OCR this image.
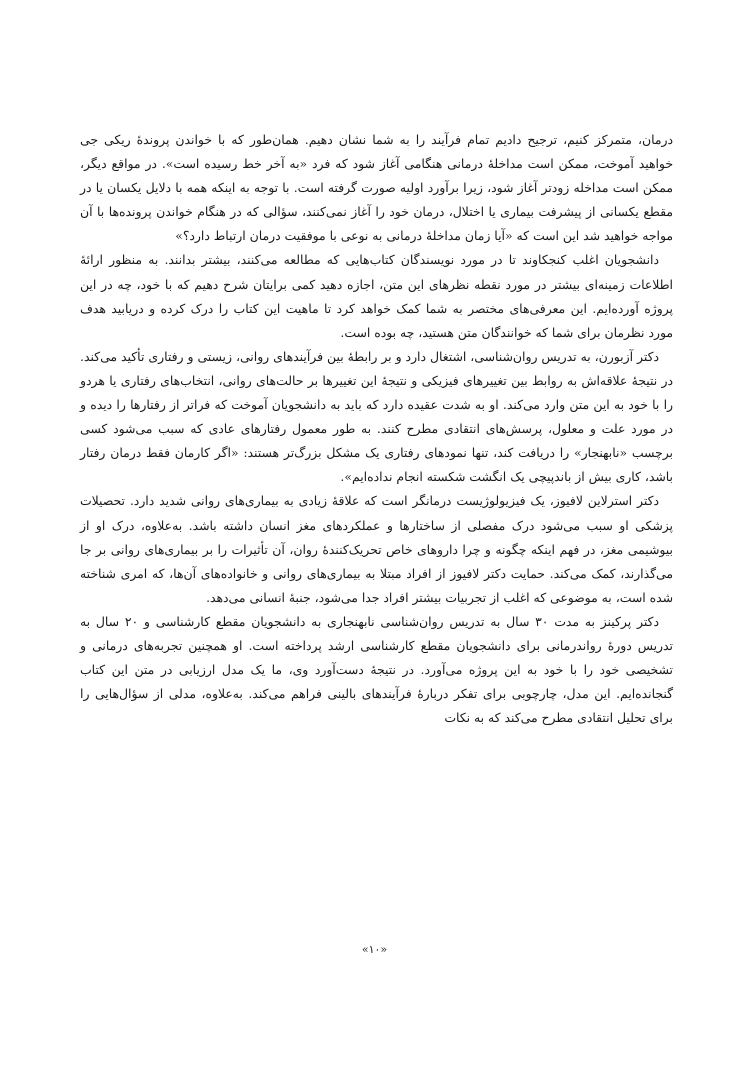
درمان، متمرکز کنیم، ترجیح دادیم تمام فرآیند را به شما نشان دهیم. همان‌طور که با خواندن پروندهٔ ریکی جی خواهید آموخت، ممکن است مداخلهٔ درمانی هنگامی آغاز شود که فرد «به آخر خط رسیده است». در مواقع دیگر، ممکن است مداخله زودتر آغاز شود، زیرا برآورد اولیه صورت گرفته است. با توجه به اینکه همه با دلایل یکسان یا در مقطع یکسانی از پیشرفت بیماری یا اختلال، درمان خود را آغاز نمی‌کنند، سؤالی که در هنگام خواندن پرونده‌ها با آن مواجه خواهید شد این است که «آیا زمان مداخلهٔ درمانی به نوعی با موفقیت درمان ارتباط دارد؟»

دانشجویان اغلب کنجکاوند تا در مورد نویسندگان کتاب‌هایی که مطالعه می‌کنند، بیشتر بدانند. به منظور ارائهٔ اطلاعات زمینه‌ای بیشتر در مورد نقطه نظرهای این متن، اجازه دهید کمی برایتان شرح دهیم که با خود، چه در این پروژه آورده‌ایم. این معرفی‌های مختصر به شما کمک خواهد کرد تا ماهیت این کتاب را درک کرده و دریابید هدف مورد نظرمان برای شما که خوانندگان متن هستید، چه بوده است.

دکتر آزبورن، به تدریس روان‌شناسی، اشتغال دارد و بر رابطهٔ بین فرآیندهای روانی، زیستی و رفتاری تأکید می‌کند. در نتیجهٔ علاقه‌اش به روابط بین تغییرهای فیزیکی و نتیجهٔ این تغییرها بر حالت‌های روانی، انتخاب‌های رفتاری یا هردو را با خود به این متن وارد می‌کند. او به شدت عقیده دارد که باید به دانشجویان آموخت که فراتر از رفتارها را دیده و در مورد علت و معلول، پرسش‌های انتقادی مطرح کنند. به طور معمول رفتارهای عادی که سبب می‌شود کسی برچسب «نابهنجار» را دریافت کند، تنها نمودهای رفتاری یک مشکل بزرگ‌تر هستند: «اگر کارمان فقط درمان رفتار باشد، کاری بیش از باندپیچی یک انگشت شکسته انجام نداده‌ایم».

دکتر استرلاین لافیوز، یک فیزیولوژیست درمانگر است که علاقهٔ زیادی به بیماری‌های روانی شدید دارد. تحصیلات پزشکی او سبب می‌شود درک مفصلی از ساختارها و عملکردهای مغز انسان داشته باشد. به‌علاوه، درک او از بیوشیمی مغز، در فهم اینکه چگونه و چرا داروهای خاص تحریک‌کنندهٔ روان، آن تأثیرات را بر بیماری‌های روانی بر جا می‌گذارند، کمک می‌کند. حمایت دکتر لافیوز از افراد مبتلا به بیماری‌های روانی و خانواده‌های آن‌ها، که امری شناخته شده است، به موضوعی که اغلب از تجربیات بیشتر افراد جدا می‌شود، جنبهٔ انسانی می‌دهد.

دکتر پرکینز به مدت ۳۰ سال به تدریس روان‌شناسی نابهنجاری به دانشجویان مقطع کارشناسی و ۲۰ سال به تدریس دورهٔ رواندرمانی برای دانشجویان مقطع کارشناسی ارشد پرداخته است. او همچنین تجربه‌های درمانی و تشخیصی خود را با خود به این پروژه می‌آورد. در نتیجهٔ دست‌آورد وی، ما یک مدل ارزیابی در متن این کتاب گنجانده‌ایم. این مدل، چارچوبی برای تفکر دربارهٔ فرآیندهای بالینی فراهم می‌کند. به‌علاوه، مدلی از سؤال‌هایی را برای تحلیل انتقادی مطرح می‌کند که به نکات

«۱۰»
